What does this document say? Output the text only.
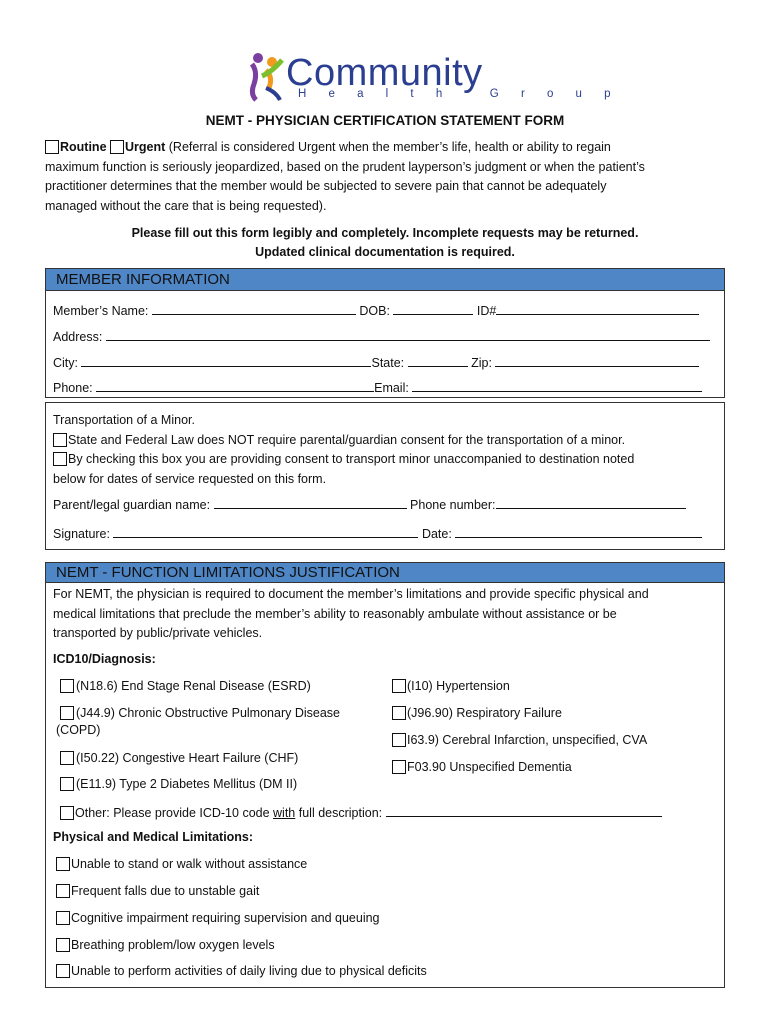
Community
H e a l t h   G r o u p
NEMT - PHYSICIAN CERTIFICATION STATEMENT FORM
Routine Urgent (Referral is considered Urgent when the member’s life, health or ability to regain
maximum function is seriously jeopardized, based on the prudent layperson’s judgment or when the patient’s
practitioner determines that the member would be subjected to severe pain that cannot be adequately
managed without the care that is being requested).
Please fill out this form legibly and completely. Incomplete requests may be returned.
Updated clinical documentation is required.
MEMBER INFORMATION
Member’s Name:	DOB:	ID#
Address:
City:	State:	Zip:
Phone:	Email:
Transportation of a Minor.
State and Federal Law does NOT require parental/guardian consent for the transportation of a minor.
By checking this box you are providing consent to transport minor unaccompanied to destination noted
below for dates of service requested on this form.
Parent/legal guardian name:	Phone number:
Signature:	Date:
NEMT - FUNCTION LIMITATIONS JUSTIFICATION
For NEMT, the physician is required to document the member’s limitations and provide specific physical and
medical limitations that preclude the member’s ability to reasonably ambulate without assistance or be
transported by public/private vehicles.
ICD10/Diagnosis:
(N18.6) End Stage Renal Disease (ESRD)
(J44.9) Chronic Obstructive Pulmonary Disease
(COPD)
(I50.22) Congestive Heart Failure (CHF)
(E11.9) Type 2 Diabetes Mellitus (DM II)
(I10) Hypertension
(J96.90) Respiratory Failure
I63.9) Cerebral Infarction, unspecified, CVA
F03.90 Unspecified Dementia
Other: Please provide ICD-10 code with full description:
Physical and Medical Limitations:
Unable to stand or walk without assistance
Frequent falls due to unstable gait
Cognitive impairment requiring supervision and queuing
Breathing problem/low oxygen levels
Unable to perform activities of daily living due to physical deficits
